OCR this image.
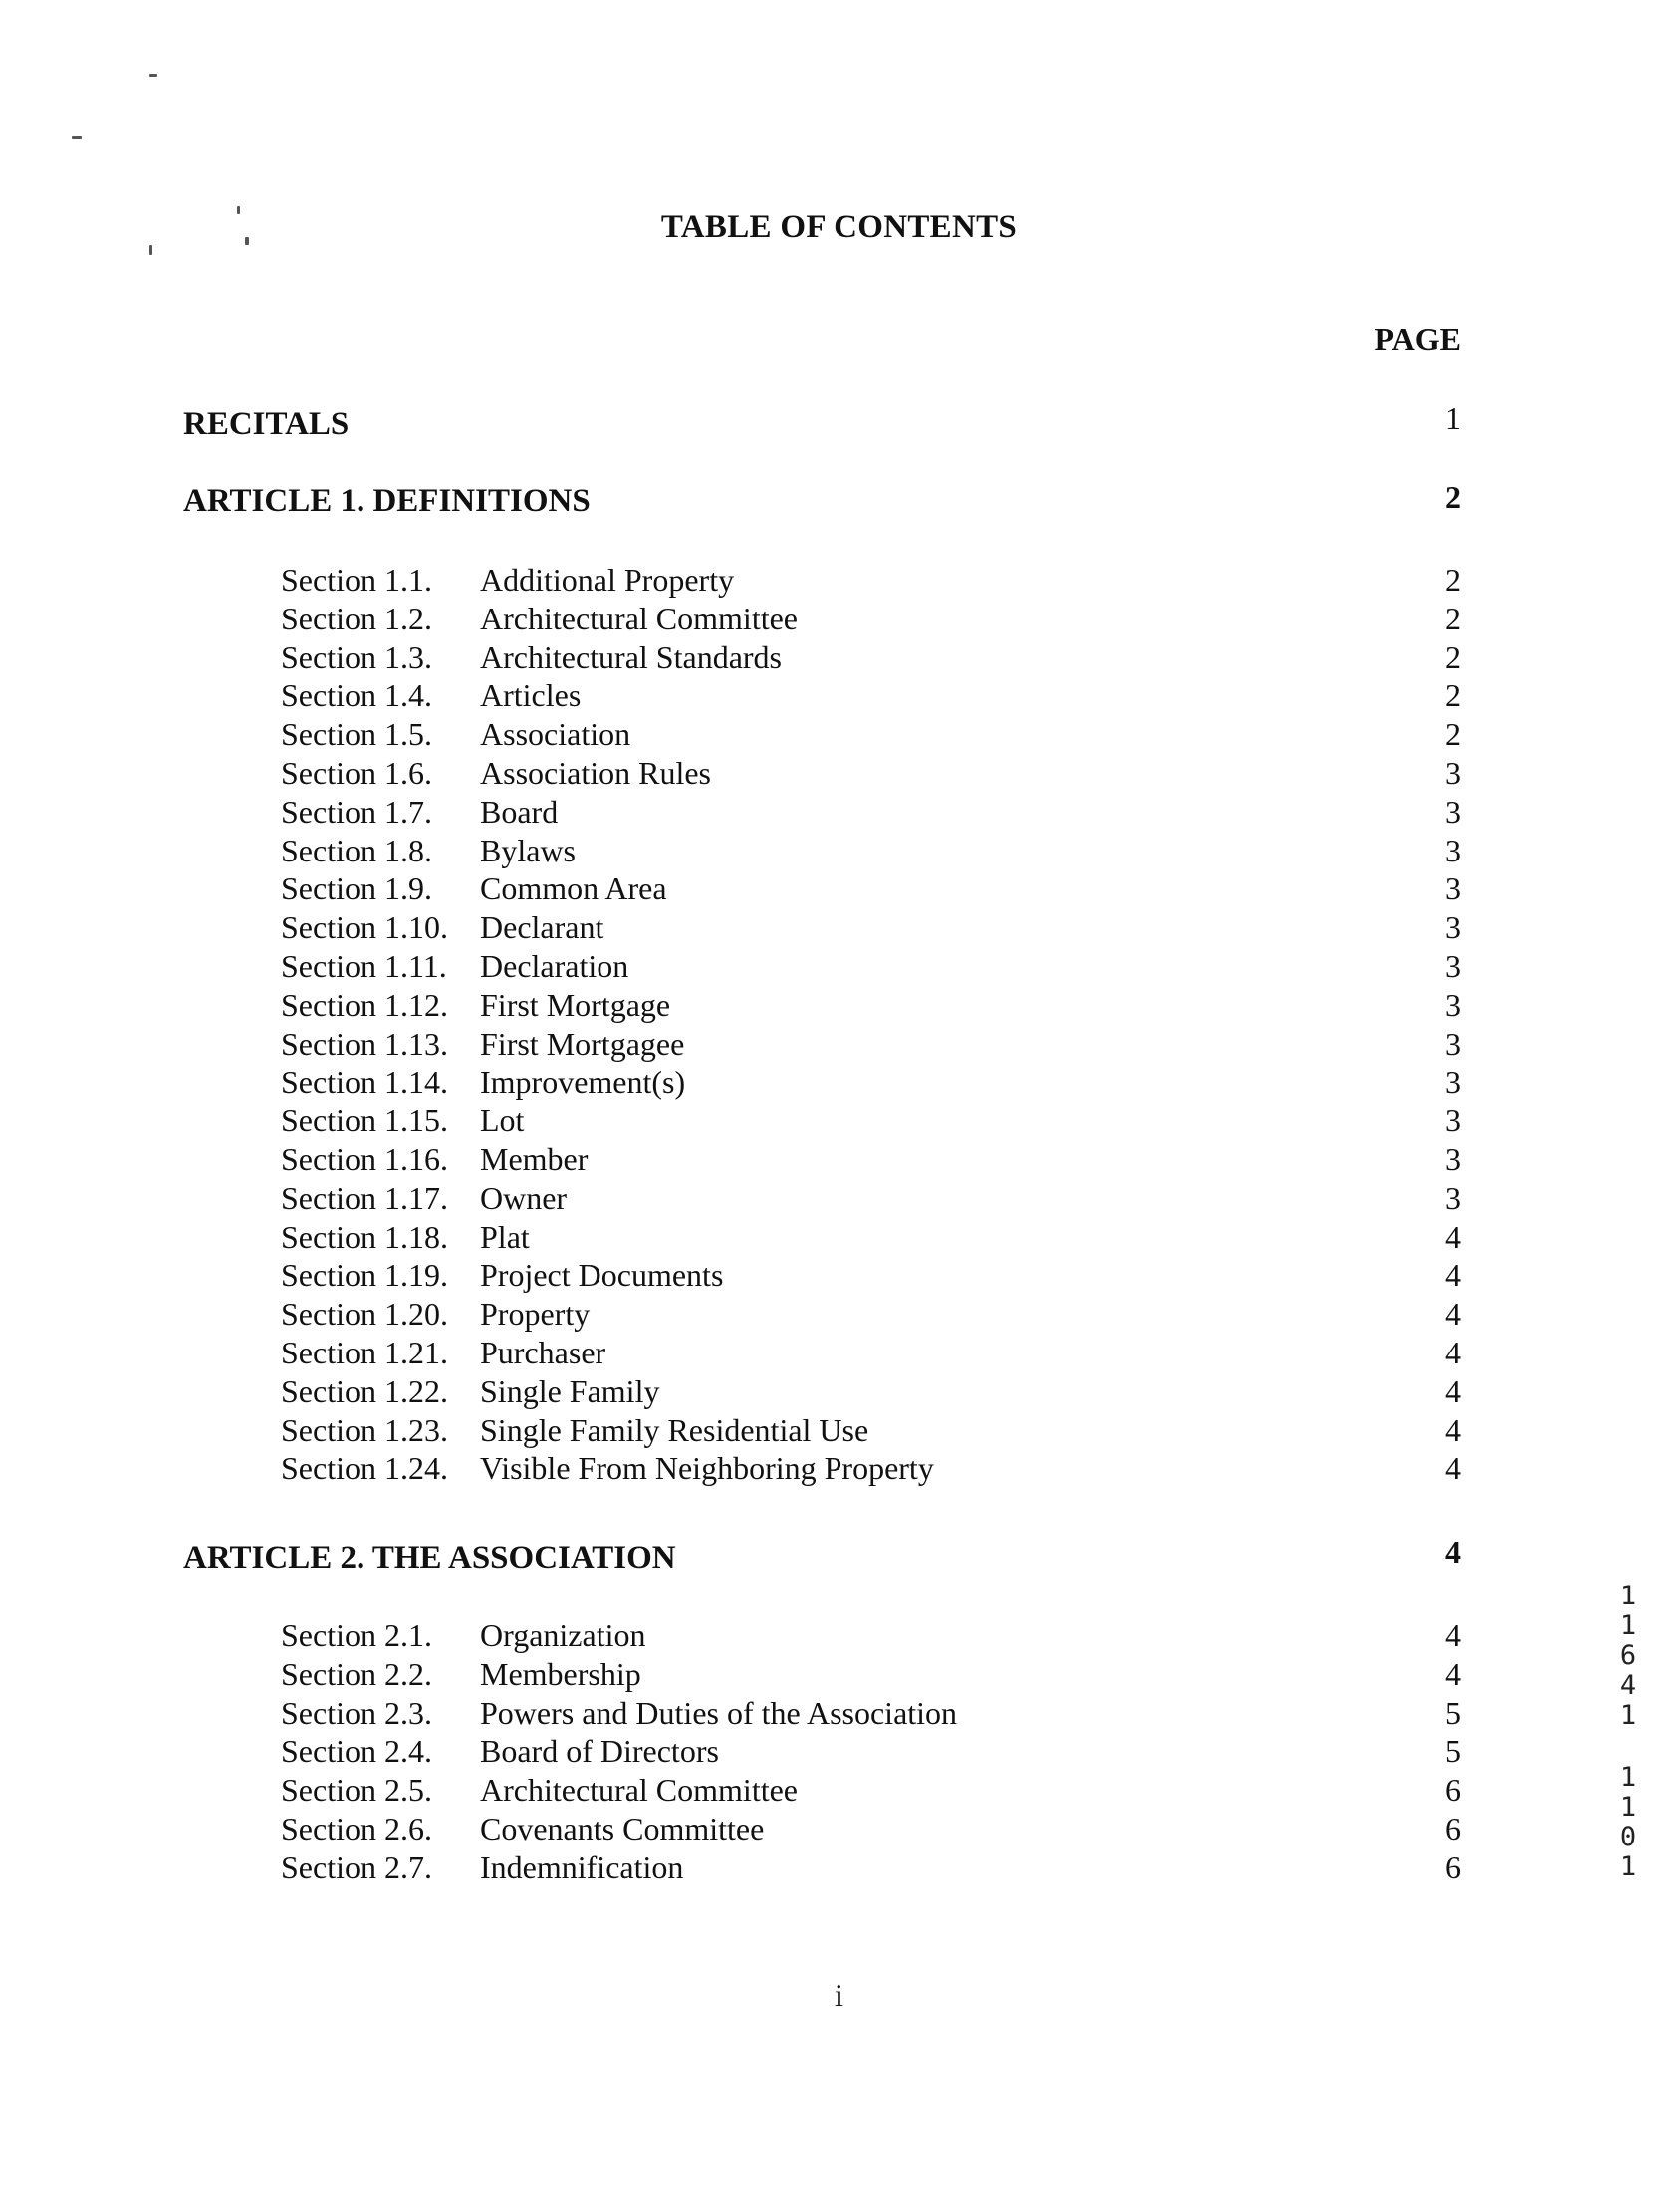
TABLE OF CONTENTS
PAGE
RECITALS	1
ARTICLE 1. DEFINITIONS	2
Section 1.1. Additional Property	2
Section 1.2. Architectural Committee	2
Section 1.3. Architectural Standards	2
Section 1.4. Articles	2
Section 1.5. Association	2
Section 1.6. Association Rules	3
Section 1.7. Board	3
Section 1.8. Bylaws	3
Section 1.9. Common Area	3
Section 1.10. Declarant	3
Section 1.11. Declaration	3
Section 1.12. First Mortgage	3
Section 1.13. First Mortgagee	3
Section 1.14. Improvement(s)	3
Section 1.15. Lot	3
Section 1.16. Member	3
Section 1.17. Owner	3
Section 1.18. Plat	4
Section 1.19. Project Documents	4
Section 1.20. Property	4
Section 1.21. Purchaser	4
Section 1.22. Single Family	4
Section 1.23. Single Family Residential Use	4
Section 1.24. Visible From Neighboring Property	4
ARTICLE 2. THE ASSOCIATION	4
Section 2.1. Organization	4
Section 2.2. Membership	4
Section 2.3. Powers and Duties of the Association	5
Section 2.4. Board of Directors	5
Section 2.5. Architectural Committee	6
Section 2.6. Covenants Committee	6
Section 2.7. Indemnification	6
1
1
6
4
1
1
1
0
1
i
